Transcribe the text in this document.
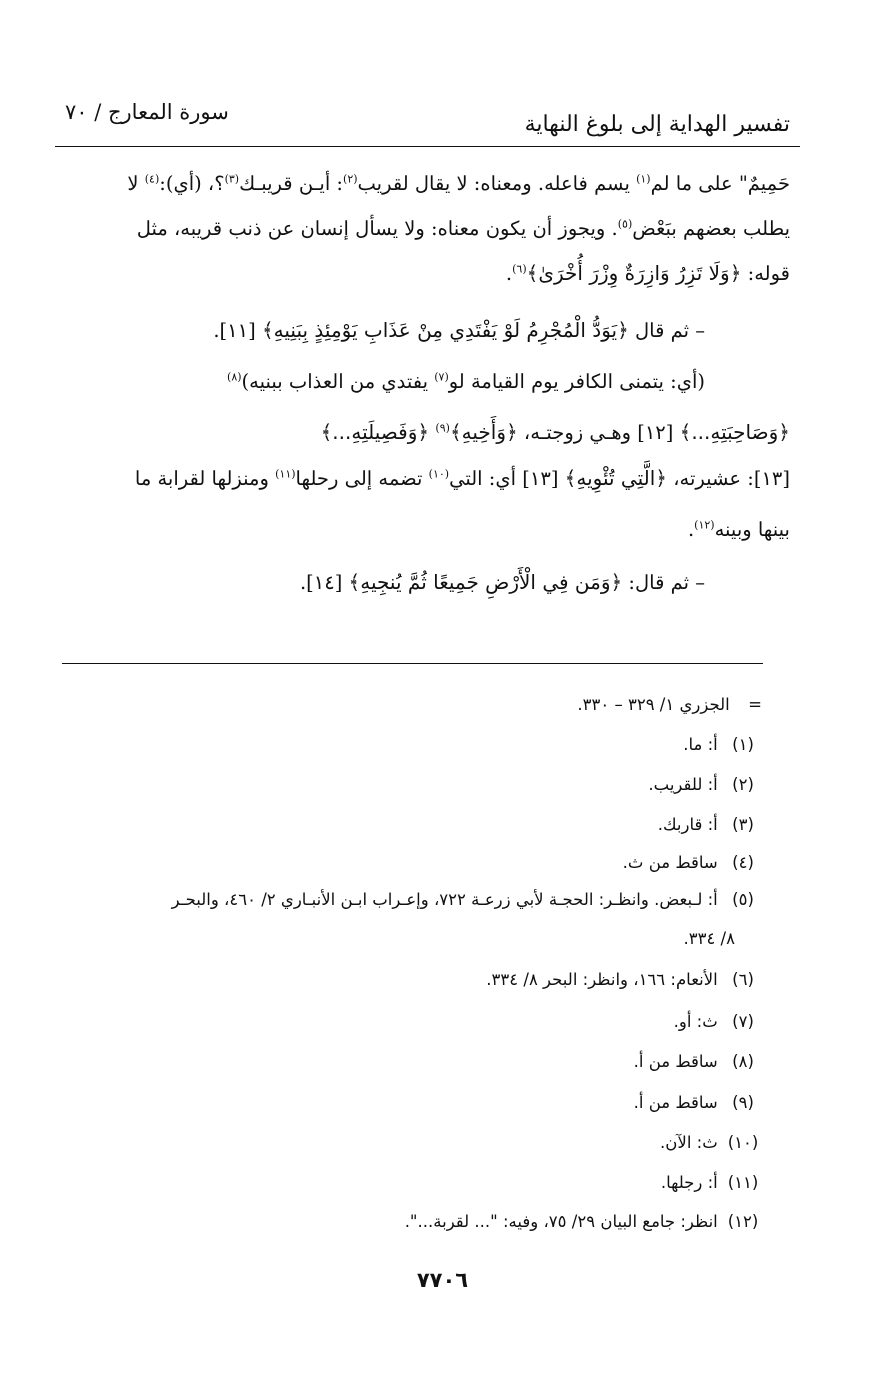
تفسير الهداية إلى بلوغ النهاية
سورة المعارج / ٧٠
حَمِيمٌ" على ما لم$^{(١)}$ يسم فاعله. ومعناه: لا يقال لقريب$^{(٢)}$: أيـن قريبـك$^{(٣)}$؟، (أي):$^{(٤)}$ لا
يطلب بعضهم ببَعْض$^{(٥)}$. ويجوز أن يكون معناه: ولا يسأل إنسان عن ذنب قريبه، مثل
قوله: ﴿وَلَا تَزِرُ وَازِرَةٌ وِزْرَ أُخْرَىٰ﴾$^{(٦)}$.
– ثم قال ﴿يَوَدُّ الْمُجْرِمُ لَوْ يَفْتَدِي مِنْ عَذَابِ يَوْمِئِذٍ بِبَنِيهِ﴾ [١١].
(أي: يتمنى الكافر يوم القيامة لو$^{(٧)}$ يفتدي من العذاب ببنيه)$^{(٨)}$
﴿وَصَاحِبَتِهِ...﴾ [١٢] وهـي زوجتـه، ﴿وَأَخِيهِ﴾$^{(٩)}$ ﴿وَفَصِيلَتِهِ...﴾
[١٣]: عشيرته، ﴿الَّتِي تُئْوِيهِ﴾ [١٣] أي: التي$^{(١٠)}$ تضمه إلى رحلها$^{(١١)}$ ومنزلها لقرابة ما
بينها وبينه$^{(١٢)}$.
– ثم قال: ﴿وَمَن فِي الْأَرْضِ جَمِيعًا ثُمَّ يُنجِيهِ﴾ [١٤].
= الجزري ١/ ٣٢٩ – ٣٣٠.
(١) أ: ما.
(٢) أ: للقريب.
(٣) أ: قاربك.
(٤) ساقط من ث.
(٥) أ: لـبعض. وانظـر: الحجـة لأبي زرعـة ٧٢٢، وإعـراب ابـن الأنبـاري ٢/ ٤٦٠، والبحـر
٨/ ٣٣٤.
(٦) الأنعام: ١٦٦، وانظر: البحر ٨/ ٣٣٤.
(٧) ث: أو.
(٨) ساقط من أ.
(٩) ساقط من أ.
(١٠) ث: الآن.
(١١) أ: رجلها.
(١٢) انظر: جامع البيان ٢٩/ ٧٥، وفيه: "... لقربة...".
٧٧٠٦
